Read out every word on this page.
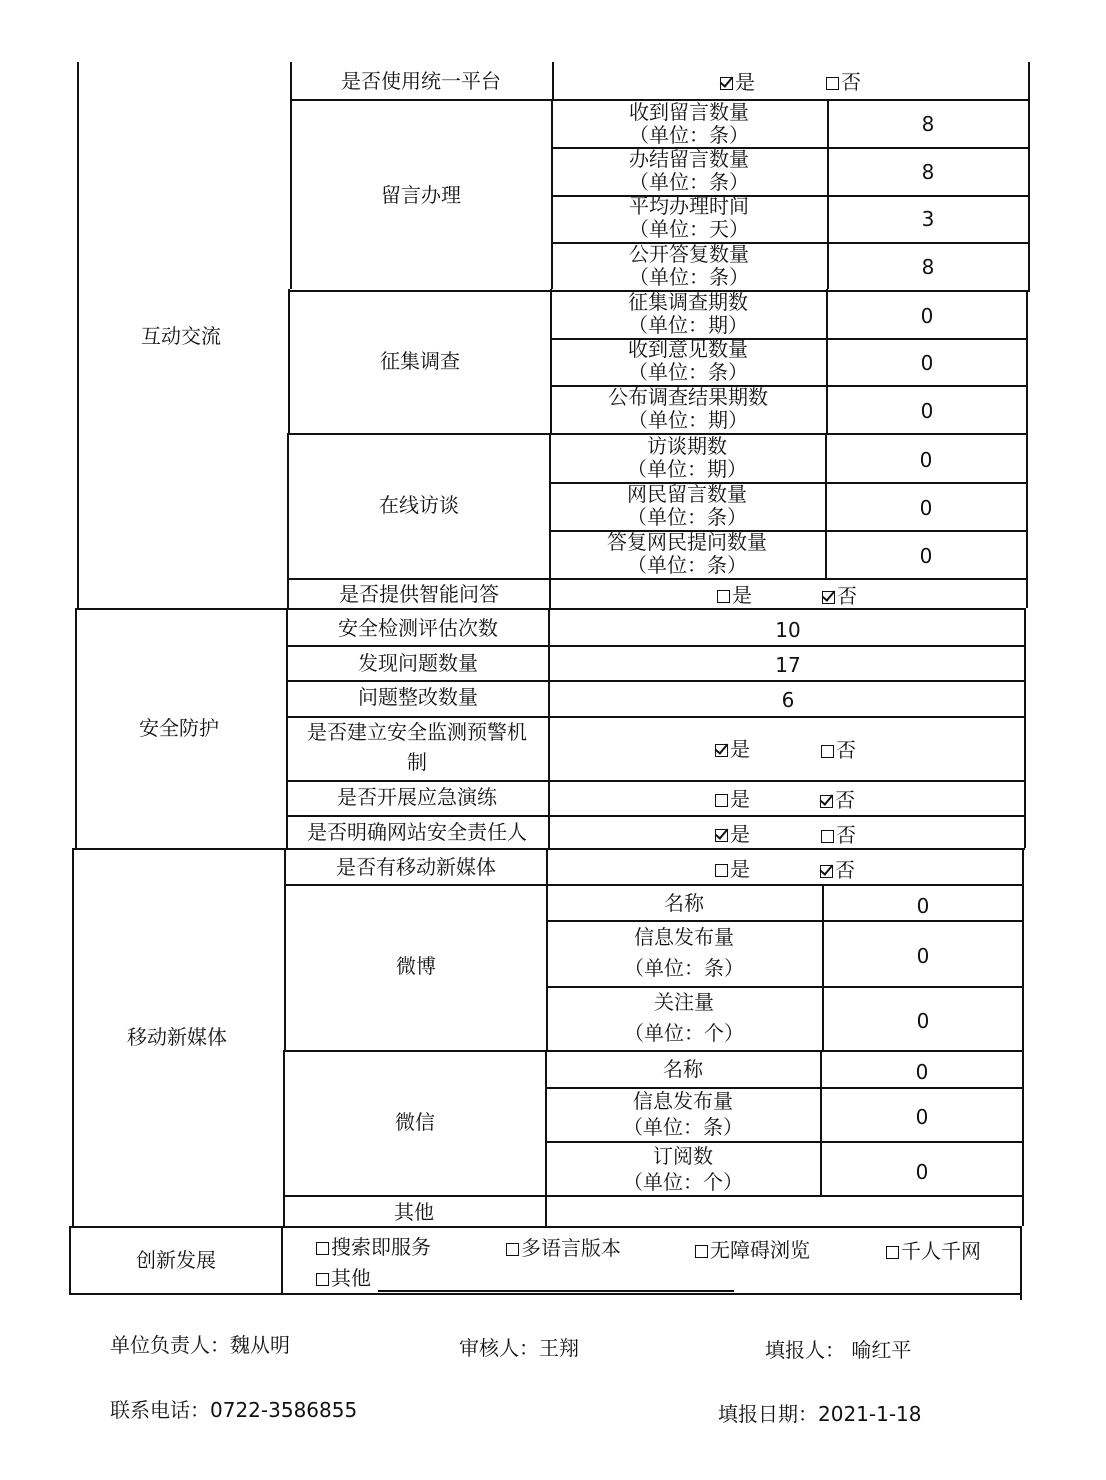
互动交流
是否使用统一平台	是	否
留言办理
收到留言数量
（单位：条）	8
办结留言数量
（单位：条）	8
平均办理时间
（单位：天）	3
公开答复数量
（单位：条）	8
征集调查
征集调查期数
（单位：期）	0
收到意见数量
（单位：条）	0
公布调查结果期数
（单位：期）	0
在线访谈
访谈期数
（单位：期）	0
网民留言数量
（单位：条）	0
答复网民提问数量
（单位：条）	0
是否提供智能问答	是	否
安全防护
安全检测评估次数	10
发现问题数量	17
问题整改数量	6
是否建立安全监测预警机
制
是	否
是否开展应急演练	是	否
是否明确网站安全责任人	是	否
移动新媒体
是否有移动新媒体	是	否
微博
名称	0
信息发布量
（单位：条）	0
关注量
（单位：个）	0
微信
名称	0
信息发布量
（单位：条）	0
订阅数
（单位：个）	0
其他
创新发展
搜索即服务	多语言版本	无障碍浏览	千人千网
其他
单位负责人：魏从明	审核人：王翔	填报人： 喻红平
联系电话：0722-3586855	填报日期：2021-1-18
